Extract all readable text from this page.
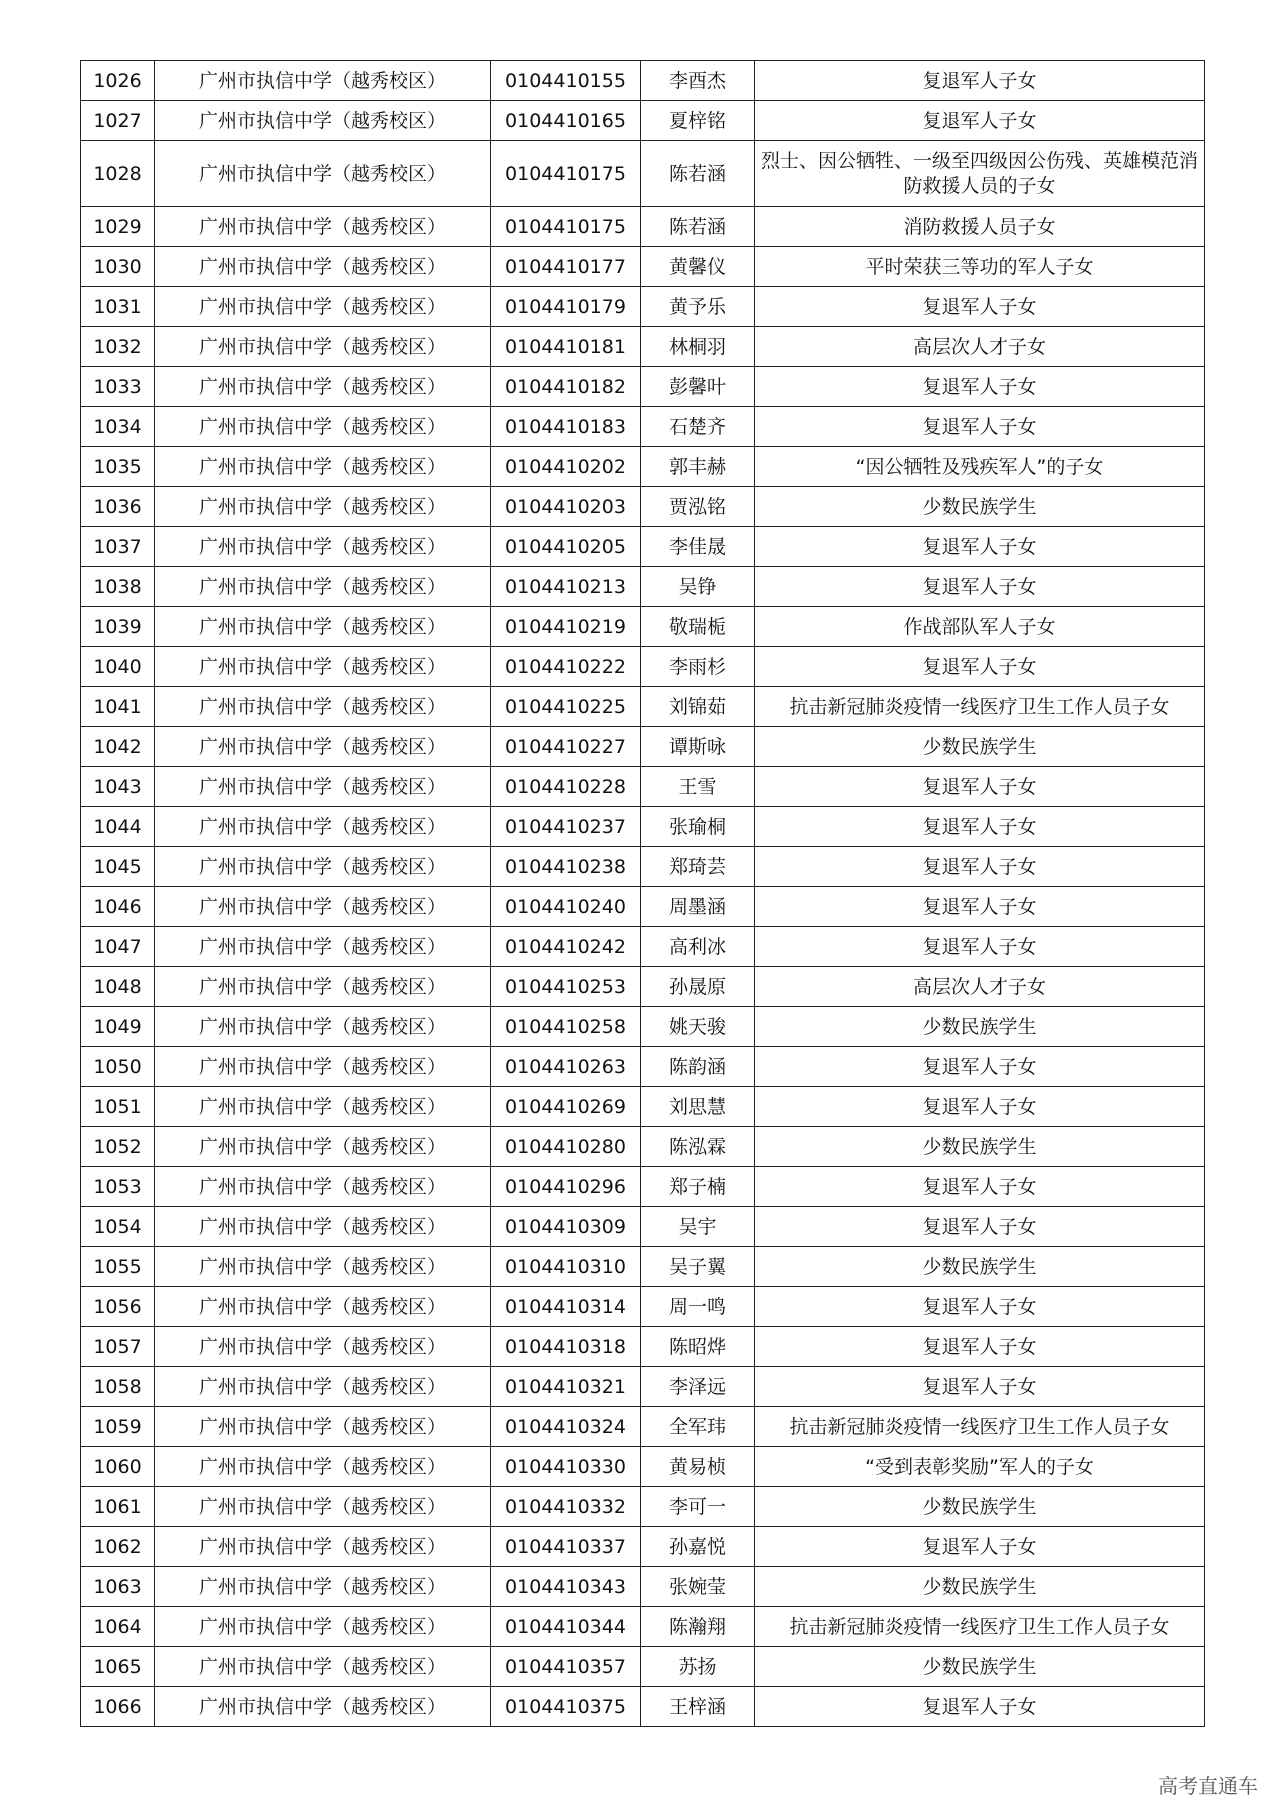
1026	广州市执信中学（越秀校区）	0104410155	李酉杰	复退军人子女
1027	广州市执信中学（越秀校区）	0104410165	夏梓铭	复退军人子女
1028	广州市执信中学（越秀校区）	0104410175	陈若涵	烈士、因公牺牲、一级至四级因公伤残、英雄模范消防救援人员的子女
1029	广州市执信中学（越秀校区）	0104410175	陈若涵	消防救援人员子女
1030	广州市执信中学（越秀校区）	0104410177	黄馨仪	平时荣获三等功的军人子女
1031	广州市执信中学（越秀校区）	0104410179	黄予乐	复退军人子女
1032	广州市执信中学（越秀校区）	0104410181	林桐羽	高层次人才子女
1033	广州市执信中学（越秀校区）	0104410182	彭馨叶	复退军人子女
1034	广州市执信中学（越秀校区）	0104410183	石楚齐	复退军人子女
1035	广州市执信中学（越秀校区）	0104410202	郭丰赫	“因公牺牲及残疾军人”的子女
1036	广州市执信中学（越秀校区）	0104410203	贾泓铭	少数民族学生
1037	广州市执信中学（越秀校区）	0104410205	李佳晟	复退军人子女
1038	广州市执信中学（越秀校区）	0104410213	吴铮	复退军人子女
1039	广州市执信中学（越秀校区）	0104410219	敬瑞栀	作战部队军人子女
1040	广州市执信中学（越秀校区）	0104410222	李雨杉	复退军人子女
1041	广州市执信中学（越秀校区）	0104410225	刘锦茹	抗击新冠肺炎疫情一线医疗卫生工作人员子女
1042	广州市执信中学（越秀校区）	0104410227	谭斯咏	少数民族学生
1043	广州市执信中学（越秀校区）	0104410228	王雪	复退军人子女
1044	广州市执信中学（越秀校区）	0104410237	张瑜桐	复退军人子女
1045	广州市执信中学（越秀校区）	0104410238	郑琦芸	复退军人子女
1046	广州市执信中学（越秀校区）	0104410240	周墨涵	复退军人子女
1047	广州市执信中学（越秀校区）	0104410242	高利冰	复退军人子女
1048	广州市执信中学（越秀校区）	0104410253	孙晟原	高层次人才子女
1049	广州市执信中学（越秀校区）	0104410258	姚天骏	少数民族学生
1050	广州市执信中学（越秀校区）	0104410263	陈韵涵	复退军人子女
1051	广州市执信中学（越秀校区）	0104410269	刘思慧	复退军人子女
1052	广州市执信中学（越秀校区）	0104410280	陈泓霖	少数民族学生
1053	广州市执信中学（越秀校区）	0104410296	郑子楠	复退军人子女
1054	广州市执信中学（越秀校区）	0104410309	吴宇	复退军人子女
1055	广州市执信中学（越秀校区）	0104410310	吴子翼	少数民族学生
1056	广州市执信中学（越秀校区）	0104410314	周一鸣	复退军人子女
1057	广州市执信中学（越秀校区）	0104410318	陈昭烨	复退军人子女
1058	广州市执信中学（越秀校区）	0104410321	李泽远	复退军人子女
1059	广州市执信中学（越秀校区）	0104410324	全军玮	抗击新冠肺炎疫情一线医疗卫生工作人员子女
1060	广州市执信中学（越秀校区）	0104410330	黄易桢	“受到表彰奖励”军人的子女
1061	广州市执信中学（越秀校区）	0104410332	李可一	少数民族学生
1062	广州市执信中学（越秀校区）	0104410337	孙嘉悦	复退军人子女
1063	广州市执信中学（越秀校区）	0104410343	张婉莹	少数民族学生
1064	广州市执信中学（越秀校区）	0104410344	陈瀚翔	抗击新冠肺炎疫情一线医疗卫生工作人员子女
1065	广州市执信中学（越秀校区）	0104410357	苏扬	少数民族学生
1066	广州市执信中学（越秀校区）	0104410375	王梓涵	复退军人子女
高考直通车
